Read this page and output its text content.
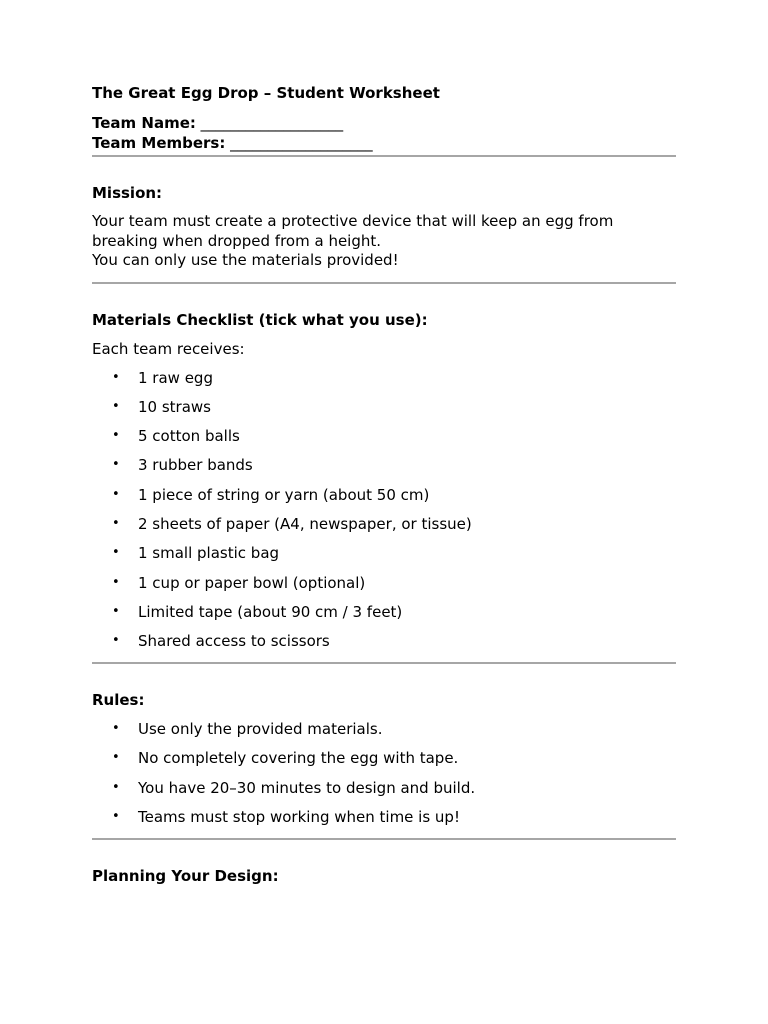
The Great Egg Drop – Student Worksheet
Team Name: ___________________
Team Members: ___________________
Mission:
Your team must create a protective device that will keep an egg from
breaking when dropped from a height.
You can only use the materials provided!
Materials Checklist (tick what you use):
Each team receives:
• 1 raw egg
• 10 straws
• 5 cotton balls
• 3 rubber bands
• 1 piece of string or yarn (about 50 cm)
• 2 sheets of paper (A4, newspaper, or tissue)
• 1 small plastic bag
• 1 cup or paper bowl (optional)
• Limited tape (about 90 cm / 3 feet)
• Shared access to scissors
Rules:
• Use only the provided materials.
• No completely covering the egg with tape.
• You have 20–30 minutes to design and build.
• Teams must stop working when time is up!
Planning Your Design:
